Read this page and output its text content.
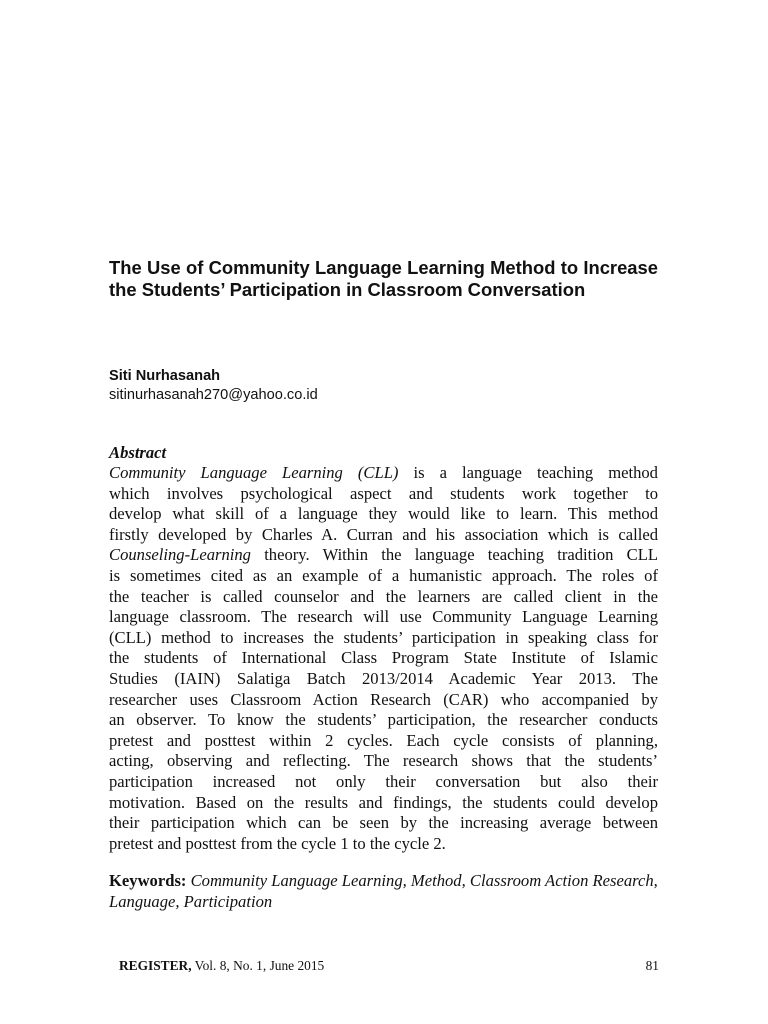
The Use of Community Language Learning Method to Increase the Students’ Participation in Classroom Conversation

Siti Nurhasanah

sitinurhasanah270@yahoo.co.id

Abstract

Community Language Learning (CLL) is a language teaching method
which involves psychological aspect and students work together to
develop what skill of a language they would like to learn. This method
firstly developed by Charles A. Curran and his association which is called
Counseling-Learning theory. Within the language teaching tradition CLL
is sometimes cited as an example of a humanistic approach. The roles of
the teacher is called counselor and the learners are called client in the
language classroom. The research will use Community Language Learning
(CLL) method to increases the students’ participation in speaking class for
the students of International Class Program State Institute of Islamic
Studies (IAIN) Salatiga Batch 2013/2014 Academic Year 2013. The
researcher uses Classroom Action Research (CAR) who accompanied by
an observer. To know the students’ participation, the researcher conducts
pretest and posttest within 2 cycles. Each cycle consists of planning,
acting, observing and reflecting. The research shows that the students’
participation increased not only their conversation but also their
motivation. Based on the results and findings, the students could develop
their participation which can be seen by the increasing average between
pretest and posttest from the cycle 1 to the cycle 2.

Keywords: Community Language Learning, Method, Classroom Action Research, Language, Participation

REGISTER, Vol. 8, No. 1, June 2015	81
